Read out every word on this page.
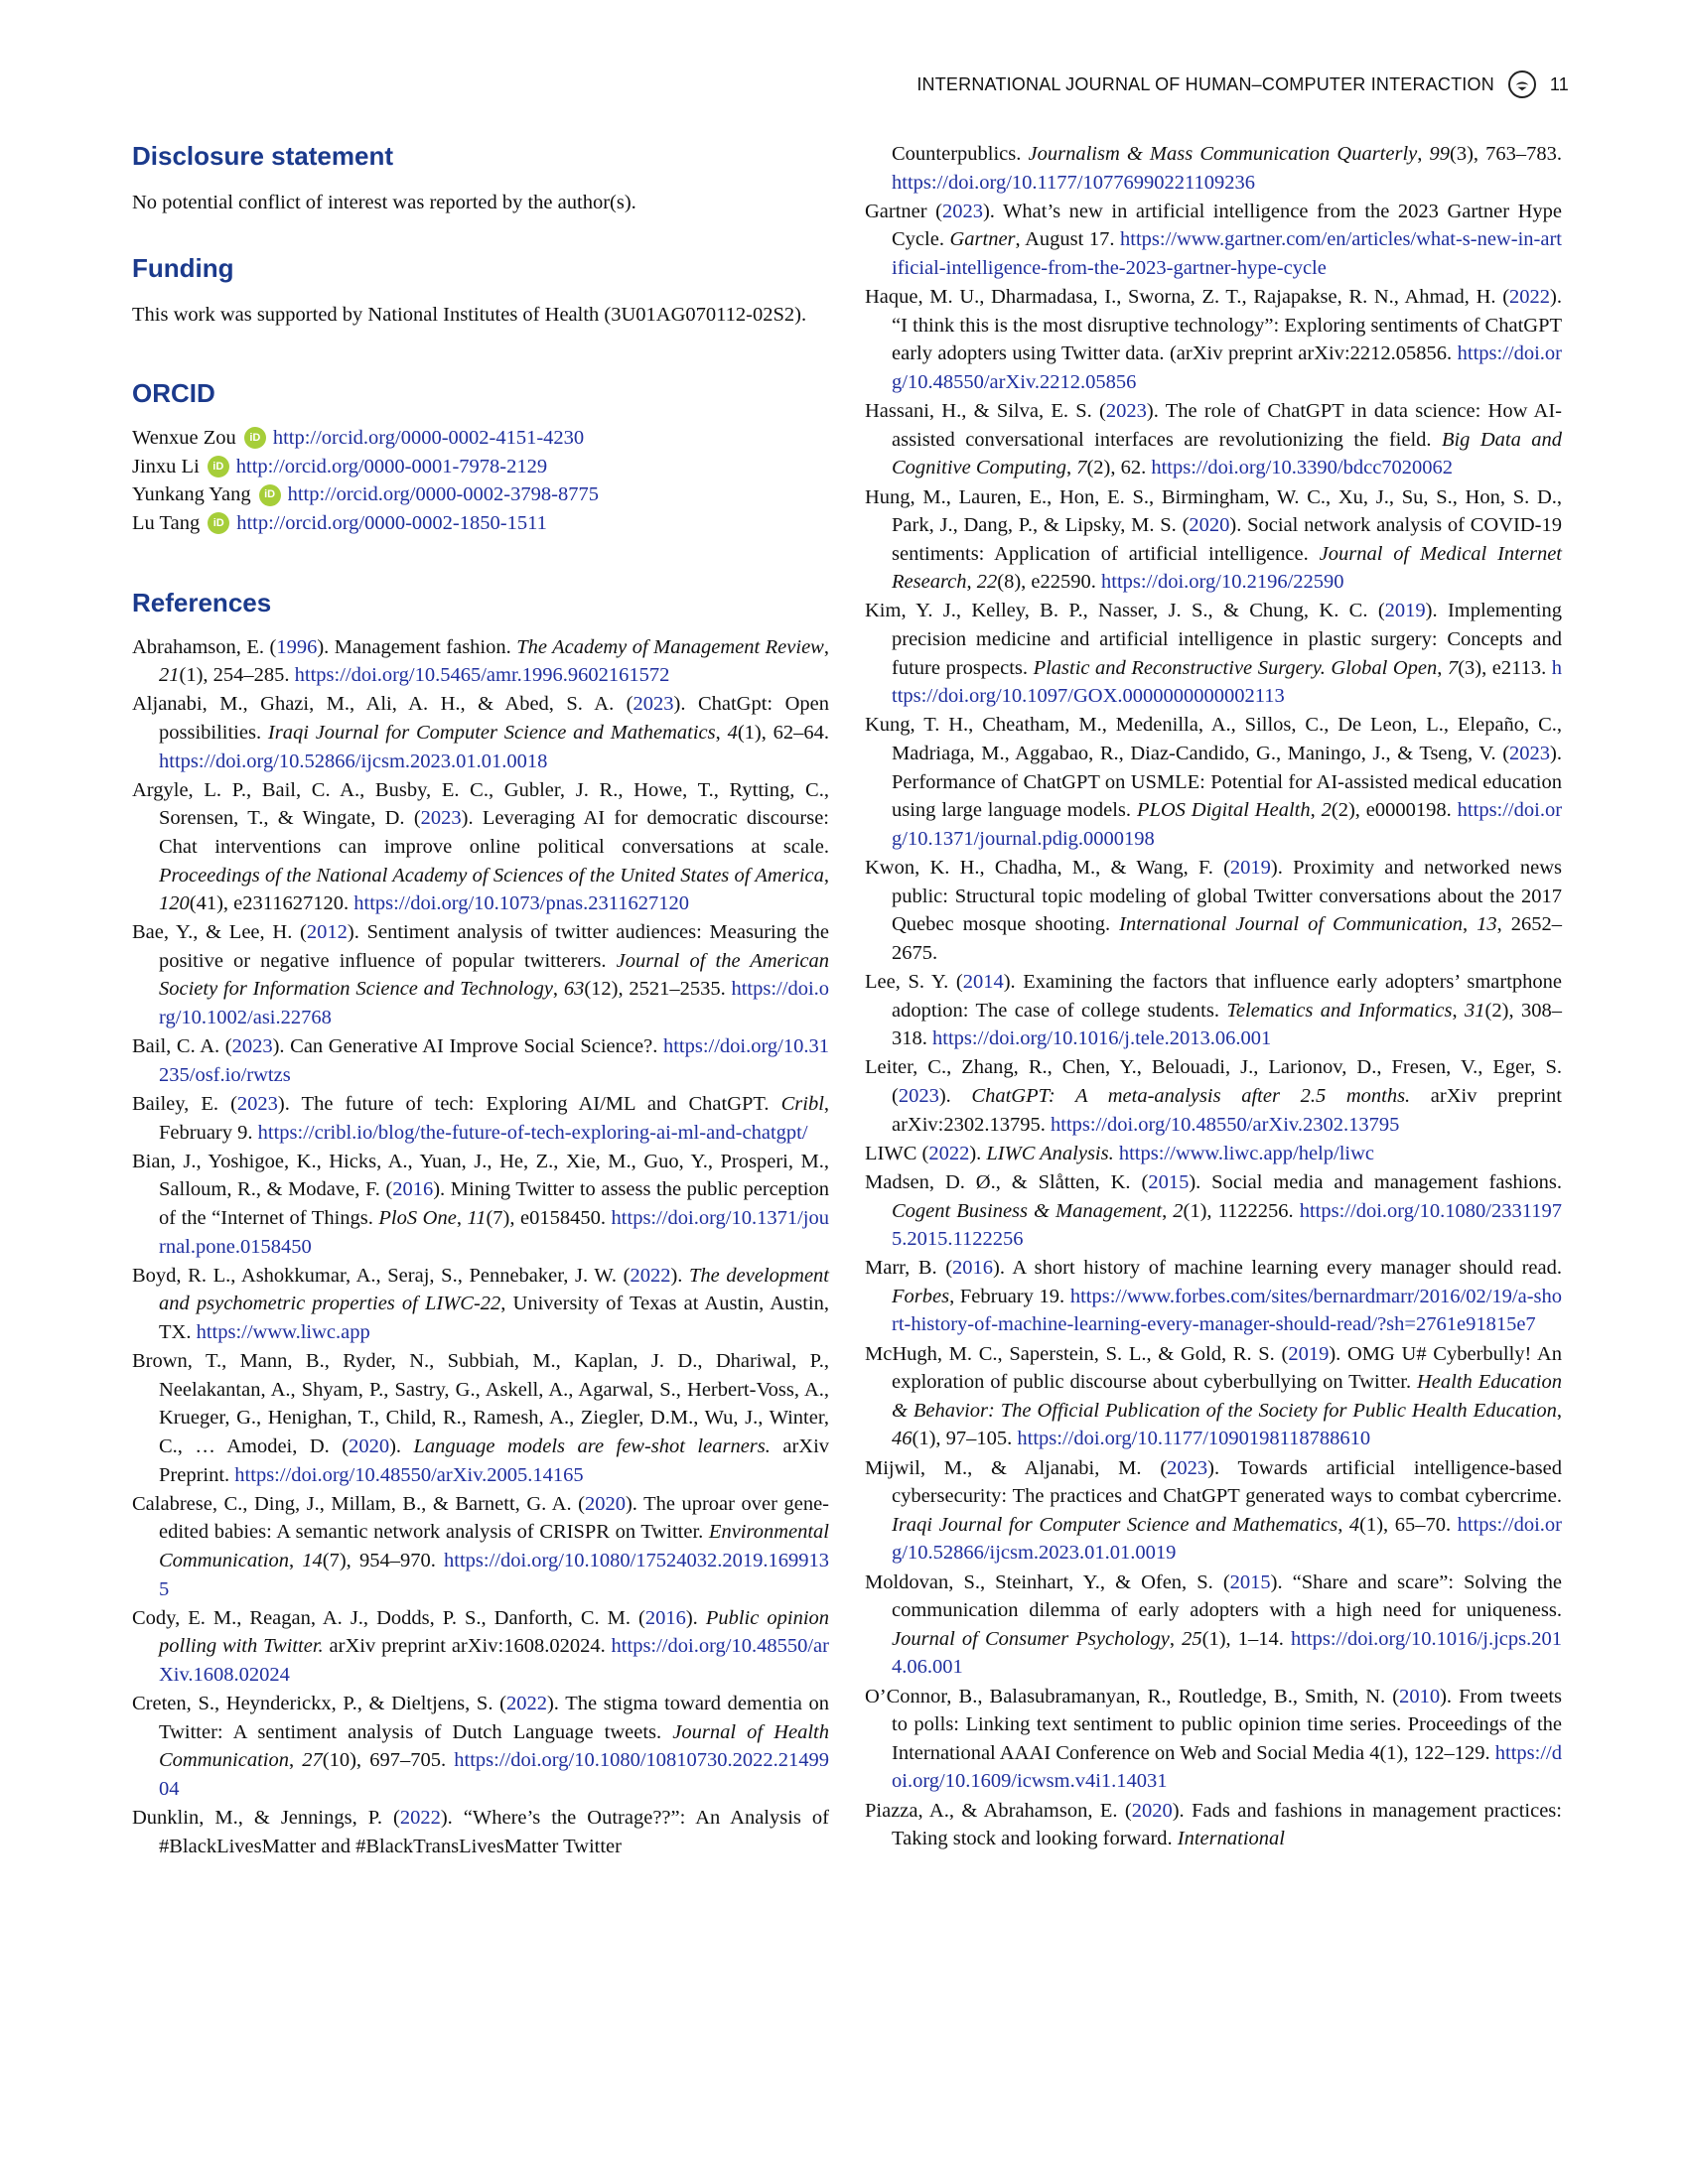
INTERNATIONAL JOURNAL OF HUMAN–COMPUTER INTERACTION	11
Disclosure statement
No potential conflict of interest was reported by the author(s).
Funding
This work was supported by National Institutes of Health (3U01AG070112-02S2).
ORCID
Wenxue Zou	iD http://orcid.org/0000-0002-4151-4230
Jinxu Li	iD http://orcid.org/0000-0001-7978-2129
Yunkang Yang	iD http://orcid.org/0000-0002-3798-8775
Lu Tang	iD http://orcid.org/0000-0002-1850-1511
References

Abrahamson, E. (1996). Management fashion. The Academy of Management Review, 21(1), 254–285. https://doi.org/10.5465/amr.1996.9602161572

Aljanabi, M., Ghazi, M., Ali, A. H., & Abed, S. A. (2023). ChatGpt: Open possibilities. Iraqi Journal for Computer Science and Mathematics, 4(1), 62–64. https://doi.org/10.52866/ijcsm.2023.01.01.0018

Argyle, L. P., Bail, C. A., Busby, E. C., Gubler, J. R., Howe, T., Rytting, C., Sorensen, T., & Wingate, D. (2023). Leveraging AI for democratic discourse: Chat interventions can improve online political conversations at scale. Proceedings of the National Academy of Sciences of the United States of America, 120(41), e2311627120. https://doi.org/10.1073/pnas.2311627120

Bae, Y., & Lee, H. (2012). Sentiment analysis of twitter audiences: Measuring the positive or negative influence of popular twitterers. Journal of the American Society for Information Science and Technology, 63(12), 2521–2535. https://doi.org/10.1002/asi.22768

Bail, C. A. (2023). Can Generative AI Improve Social Science?. https://doi.org/10.31235/osf.io/rwtzs

Bailey, E. (2023). The future of tech: Exploring AI/ML and ChatGPT. Cribl, February 9. https://cribl.io/blog/the-future-of-tech-exploring-ai-ml-and-chatgpt/

Bian, J., Yoshigoe, K., Hicks, A., Yuan, J., He, Z., Xie, M., Guo, Y., Prosperi, M., Salloum, R., & Modave, F. (2016). Mining Twitter to assess the public perception of the “Internet of Things. PloS One, 11(7), e0158450. https://doi.org/10.1371/journal.pone.0158450

Boyd, R. L., Ashokkumar, A., Seraj, S., Pennebaker, J. W. (2022). The development and psychometric properties of LIWC-22, University of Texas at Austin, Austin, TX. https://www.liwc.app

Brown, T., Mann, B., Ryder, N., Subbiah, M., Kaplan, J. D., Dhariwal, P., Neelakantan, A., Shyam, P., Sastry, G., Askell, A., Agarwal, S., Herbert-Voss, A., Krueger, G., Henighan, T., Child, R., Ramesh, A., Ziegler, D.M., Wu, J., Winter, C., … Amodei, D. (2020). Language models are few-shot learners. arXiv Preprint. https://doi.org/10.48550/arXiv.2005.14165

Calabrese, C., Ding, J., Millam, B., & Barnett, G. A. (2020). The uproar over gene-edited babies: A semantic network analysis of CRISPR on Twitter. Environmental Communication, 14(7), 954–970. https://doi.org/10.1080/17524032.2019.1699135

Cody, E. M., Reagan, A. J., Dodds, P. S., Danforth, C. M. (2016). Public opinion polling with Twitter. arXiv preprint arXiv:1608.02024. https://doi.org/10.48550/arXiv.1608.02024

Creten, S., Heynderickx, P., & Dieltjens, S. (2022). The stigma toward dementia on Twitter: A sentiment analysis of Dutch Language tweets. Journal of Health Communication, 27(10), 697–705. https://doi.org/10.1080/10810730.2022.2149904

Dunklin, M., & Jennings, P. (2022). “Where’s the Outrage??”: An Analysis of #BlackLivesMatter and #BlackTransLivesMatter Twitter

Counterpublics. Journalism & Mass Communication Quarterly, 99(3), 763–783. https://doi.org/10.1177/10776990221109236

Gartner (2023). What’s new in artificial intelligence from the 2023 Gartner Hype Cycle. Gartner, August 17. https://www.gartner.com/en/articles/what-s-new-in-artificial-intelligence-from-the-2023-gartner-hype-cycle

Haque, M. U., Dharmadasa, I., Sworna, Z. T., Rajapakse, R. N., Ahmad, H. (2022). “I think this is the most disruptive technology”: Exploring sentiments of ChatGPT early adopters using Twitter data. (arXiv preprint arXiv:2212.05856. https://doi.org/10.48550/arXiv.2212.05856

Hassani, H., & Silva, E. S. (2023). The role of ChatGPT in data science: How AI-assisted conversational interfaces are revolutionizing the field. Big Data and Cognitive Computing, 7(2), 62. https://doi.org/10.3390/bdcc7020062

Hung, M., Lauren, E., Hon, E. S., Birmingham, W. C., Xu, J., Su, S., Hon, S. D., Park, J., Dang, P., & Lipsky, M. S. (2020). Social network analysis of COVID-19 sentiments: Application of artificial intelligence. Journal of Medical Internet Research, 22(8), e22590. https://doi.org/10.2196/22590

Kim, Y. J., Kelley, B. P., Nasser, J. S., & Chung, K. C. (2019). Implementing precision medicine and artificial intelligence in plastic surgery: Concepts and future prospects. Plastic and Reconstructive Surgery. Global Open, 7(3), e2113. https://doi.org/10.1097/GOX.0000000000002113

Kung, T. H., Cheatham, M., Medenilla, A., Sillos, C., De Leon, L., Elepaño, C., Madriaga, M., Aggabao, R., Diaz-Candido, G., Maningo, J., & Tseng, V. (2023). Performance of ChatGPT on USMLE: Potential for AI-assisted medical education using large language models. PLOS Digital Health, 2(2), e0000198. https://doi.org/10.1371/journal.pdig.0000198

Kwon, K. H., Chadha, M., & Wang, F. (2019). Proximity and networked news public: Structural topic modeling of global Twitter conversations about the 2017 Quebec mosque shooting. International Journal of Communication, 13, 2652–2675.

Lee, S. Y. (2014). Examining the factors that influence early adopters’ smartphone adoption: The case of college students. Telematics and Informatics, 31(2), 308–318. https://doi.org/10.1016/j.tele.2013.06.001

Leiter, C., Zhang, R., Chen, Y., Belouadi, J., Larionov, D., Fresen, V., Eger, S. (2023). ChatGPT: A meta-analysis after 2.5 months. arXiv preprint arXiv:2302.13795. https://doi.org/10.48550/arXiv.2302.13795

LIWC (2022). LIWC Analysis. https://www.liwc.app/help/liwc

Madsen, D. Ø., & Slåtten, K. (2015). Social media and management fashions. Cogent Business & Management, 2(1), 1122256. https://doi.org/10.1080/23311975.2015.1122256

Marr, B. (2016). A short history of machine learning every manager should read. Forbes, February 19. https://www.forbes.com/sites/bernardmarr/2016/02/19/a-short-history-of-machine-learning-every-manager-should-read/?sh=2761e91815e7

McHugh, M. C., Saperstein, S. L., & Gold, R. S. (2019). OMG U# Cyberbully! An exploration of public discourse about cyberbullying on Twitter. Health Education & Behavior: The Official Publication of the Society for Public Health Education, 46(1), 97–105. https://doi.org/10.1177/1090198118788610

Mijwil, M., & Aljanabi, M. (2023). Towards artificial intelligence-based cybersecurity: The practices and ChatGPT generated ways to combat cybercrime. Iraqi Journal for Computer Science and Mathematics, 4(1), 65–70. https://doi.org/10.52866/ijcsm.2023.01.01.0019

Moldovan, S., Steinhart, Y., & Ofen, S. (2015). “Share and scare”: Solving the communication dilemma of early adopters with a high need for uniqueness. Journal of Consumer Psychology, 25(1), 1–14. https://doi.org/10.1016/j.jcps.2014.06.001

O’Connor, B., Balasubramanyan, R., Routledge, B., Smith, N. (2010). From tweets to polls: Linking text sentiment to public opinion time series. Proceedings of the International AAAI Conference on Web and Social Media 4(1), 122–129. https://doi.org/10.1609/icwsm.v4i1.14031

Piazza, A., & Abrahamson, E. (2020). Fads and fashions in management practices: Taking stock and looking forward. International
